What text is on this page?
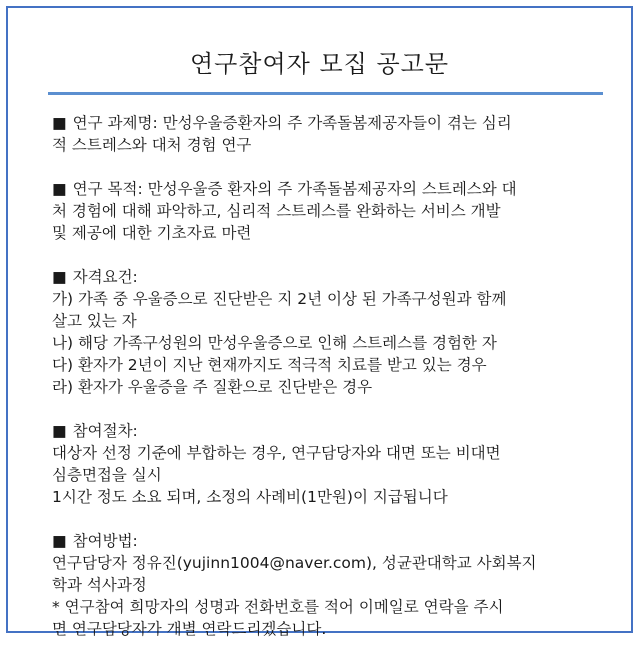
연구참여자 모집 공고문
■ 연구 과제명: 만성우울증환자의 주 가족돌봄제공자들이 겪는 심리
적 스트레스와 대처 경험 연구
■ 연구 목적: 만성우울증 환자의 주 가족돌봄제공자의 스트레스와 대
처 경험에 대해 파악하고, 심리적 스트레스를 완화하는 서비스 개발
및 제공에 대한 기초자료 마련
■ 자격요건:
가) 가족 중 우울증으로 진단받은 지 2년 이상 된 가족구성원과 함께
살고 있는 자
나) 해당 가족구성원의 만성우울증으로 인해 스트레스를 경험한 자
다) 환자가 2년이 지난 현재까지도 적극적 치료를 받고 있는 경우
라) 환자가 우울증을 주 질환으로 진단받은 경우
■ 참여절차:
대상자 선정 기준에 부합하는 경우, 연구담당자와 대면 또는 비대면
심층면접을 실시
1시간 정도 소요 되며, 소정의 사례비(1만원)이 지급됩니다
■ 참여방법:
연구담당자 정유진(yujinn1004@naver.com), 성균관대학교 사회복지
학과 석사과정
* 연구참여 희망자의 성명과 전화번호를 적어 이메일로 연락을 주시
면 연구담당자가 개별 연락드리겠습니다.
